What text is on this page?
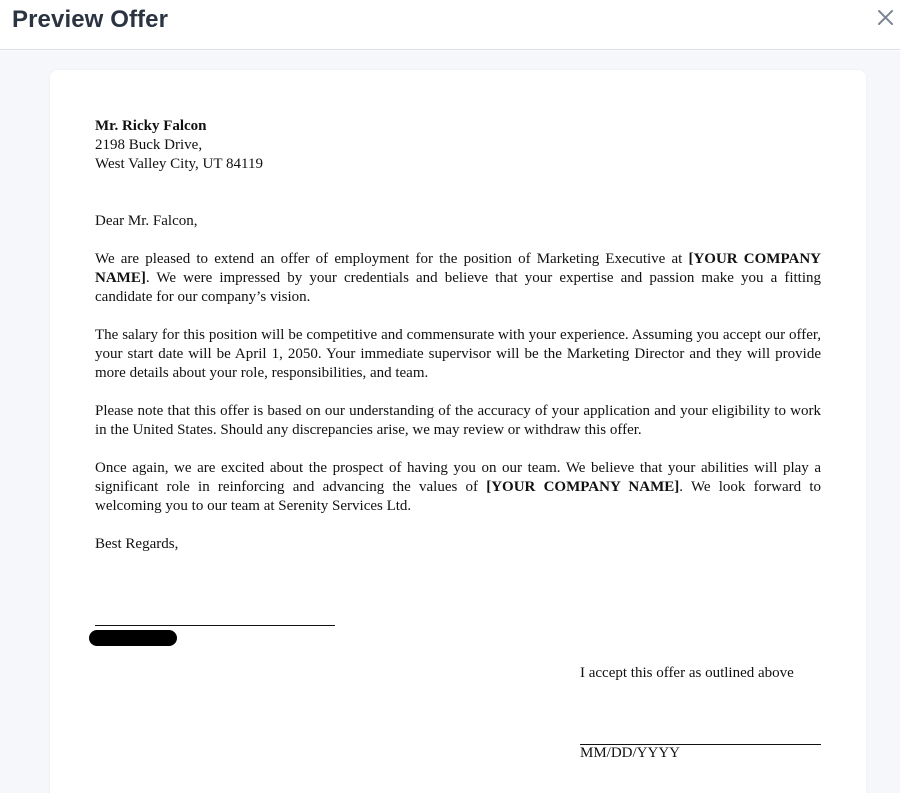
Preview Offer
Mr. Ricky Falcon
2198 Buck Drive,
West Valley City, UT 84119

Dear Mr. Falcon,

We are pleased to extend an offer of employment for the position of Marketing Executive at [YOUR COMPANY NAME]. We were impressed by your credentials and believe that your expertise and passion make you a fitting candidate for our company’s vision.

The salary for this position will be competitive and commensurate with your experience. Assuming you accept our offer, your start date will be April 1, 2050. Your immediate supervisor will be the Marketing Director and they will provide more details about your role, responsibilities, and team.

Please note that this offer is based on our understanding of the accuracy of your application and your eligibility to work in the United States. Should any discrepancies arise, we may review or withdraw this offer.

Once again, we are excited about the prospect of having you on our team. We believe that your abilities will play a significant role in reinforcing and advancing the values of [YOUR COMPANY NAME]. We look forward to welcoming you to our team at Serenity Services Ltd.

Best Regards,

I accept this offer as outlined above
MM/DD/YYYY
